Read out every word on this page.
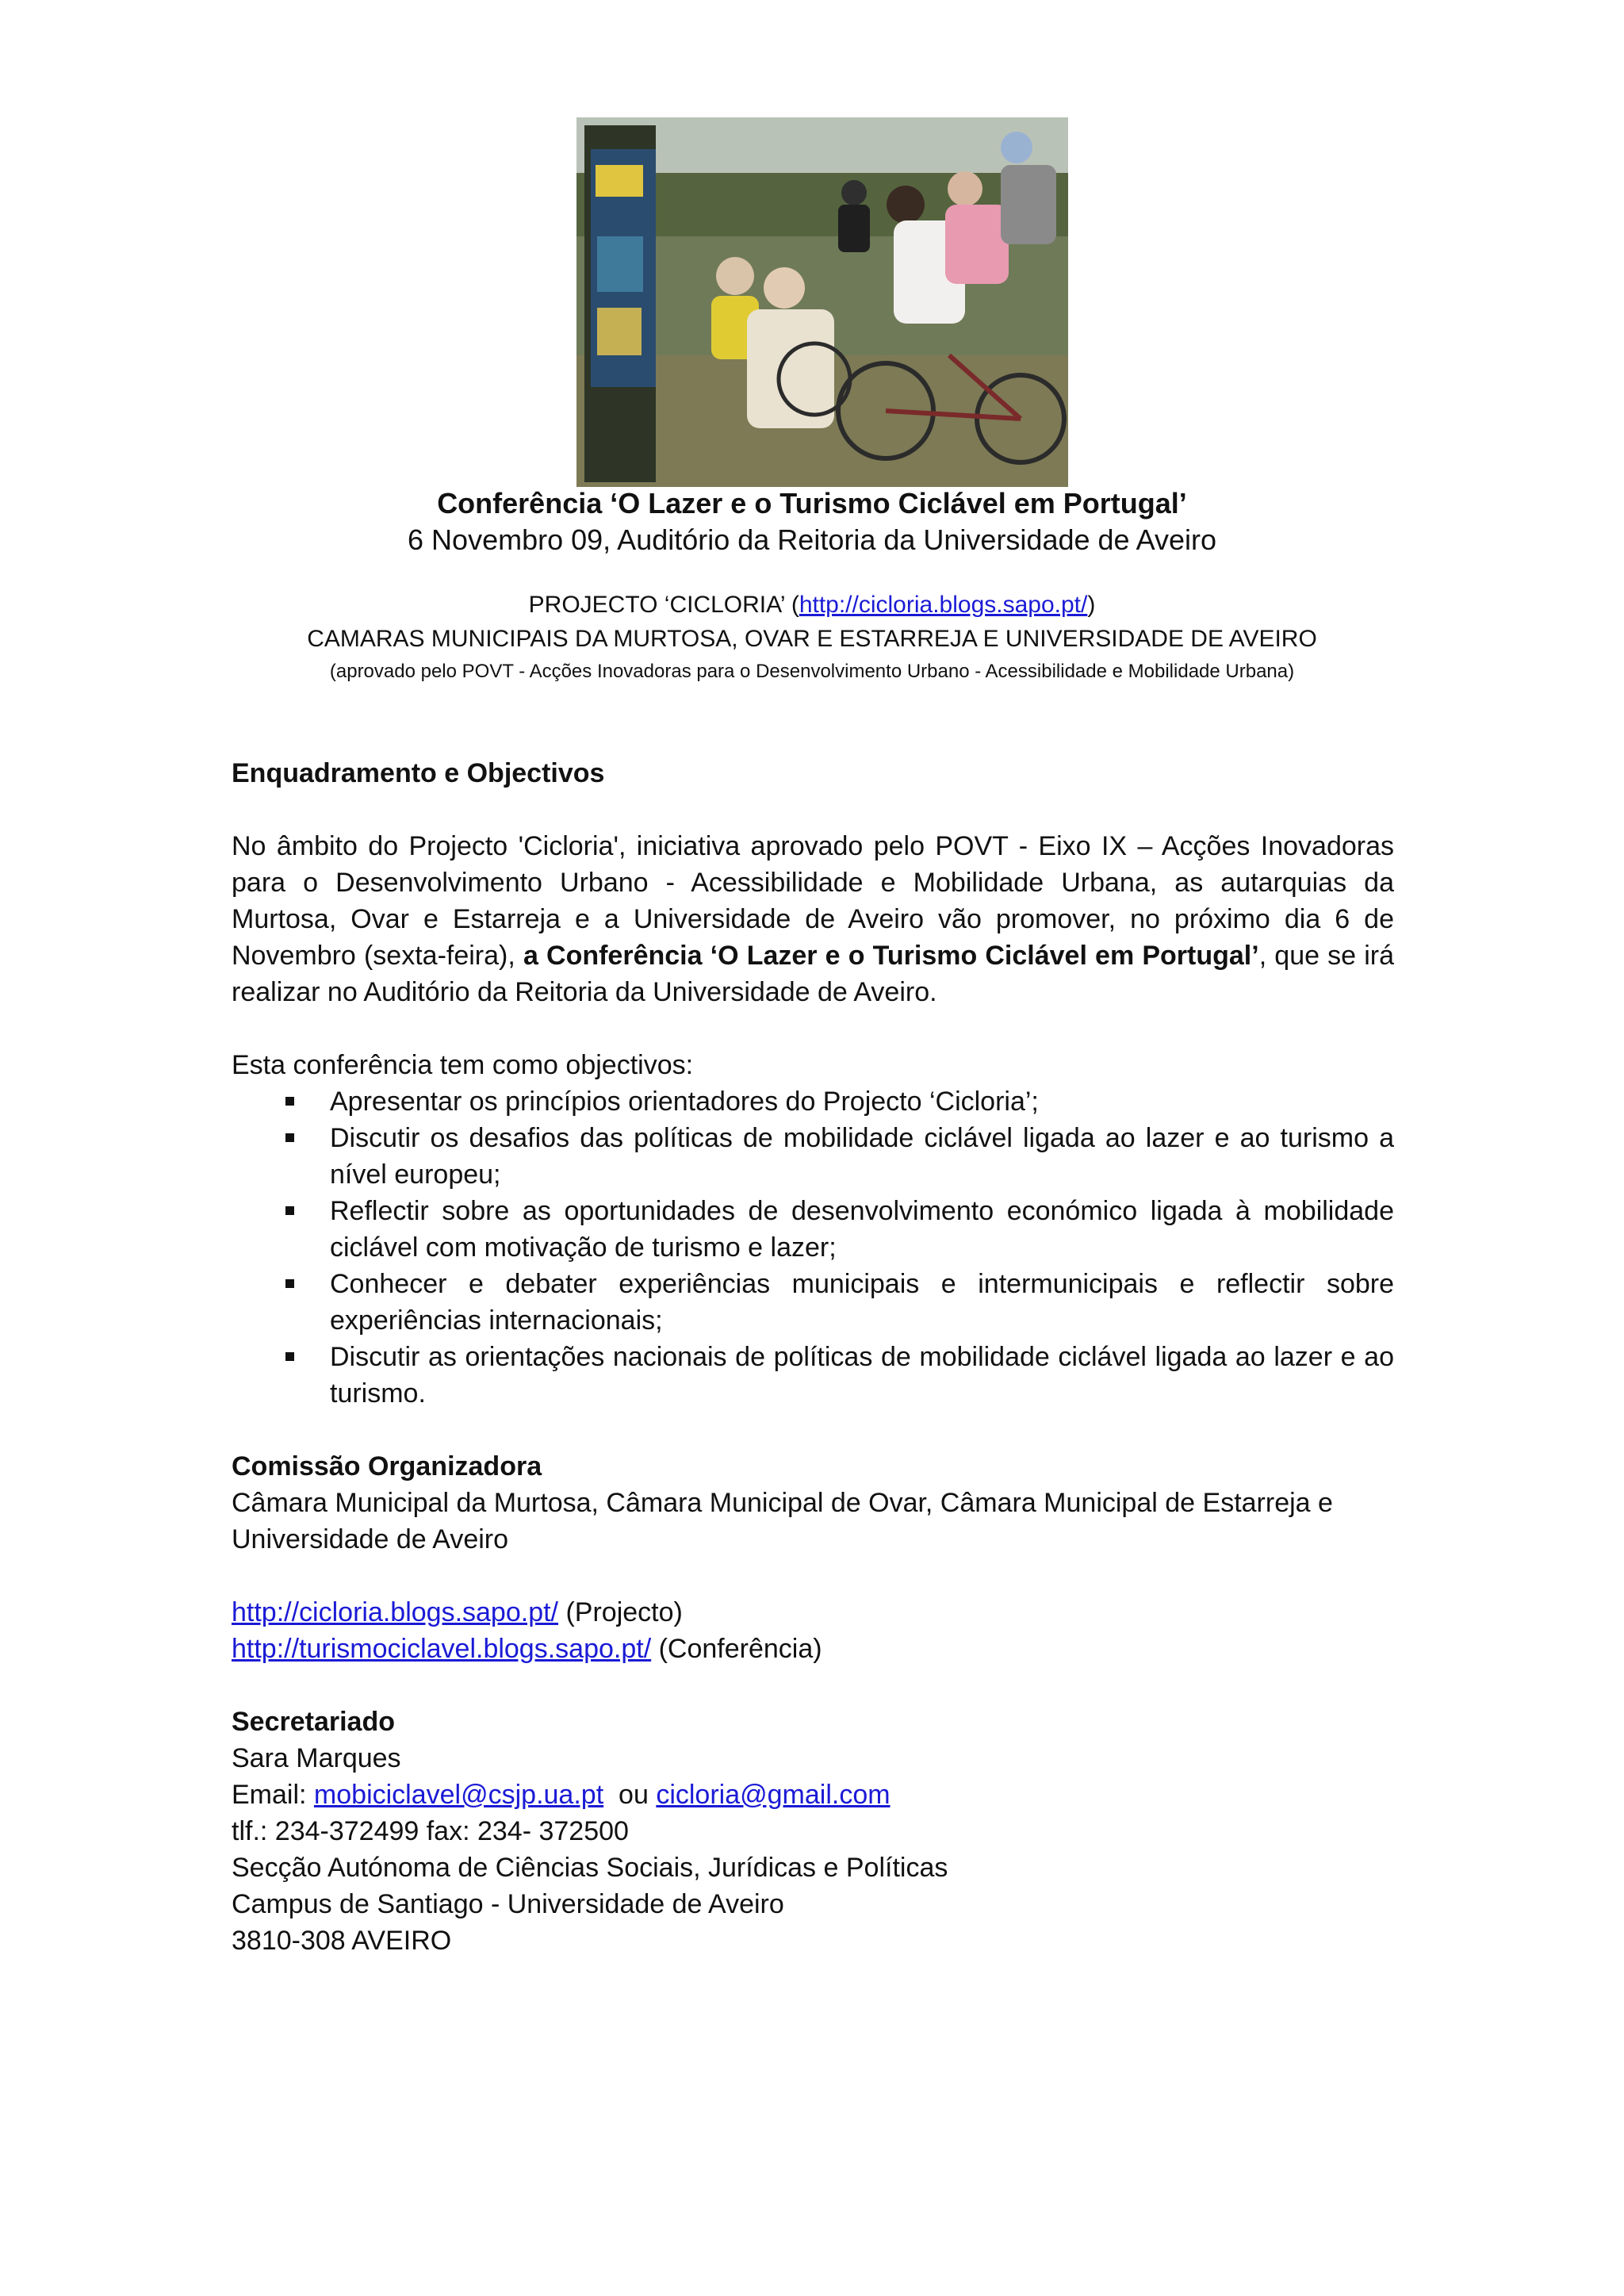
Conferência ‘O Lazer e o Turismo Ciclável em Portugal’
6 Novembro 09, Auditório da Reitoria da Universidade de Aveiro
PROJECTO ‘CICLORIA’ (http://cicloria.blogs.sapo.pt/)
CAMARAS MUNICIPAIS DA MURTOSA, OVAR E ESTARREJA E UNIVERSIDADE DE AVEIRO
(aprovado pelo POVT - Acções Inovadoras para o Desenvolvimento Urbano - Acessibilidade e Mobilidade Urbana)

Enquadramento e Objectivos

No âmbito do Projecto 'Cicloria', iniciativa aprovado pelo POVT - Eixo IX – Acções Inovadoras para o Desenvolvimento Urbano - Acessibilidade e Mobilidade Urbana, as autarquias da Murtosa, Ovar e Estarreja e a Universidade de Aveiro vão promover, no próximo dia 6 de Novembro (sexta-feira), a Conferência ‘O Lazer e o Turismo Ciclável em Portugal’, que se irá realizar no Auditório da Reitoria da Universidade de Aveiro.

Esta conferência tem como objectivos:

Apresentar os princípios orientadores do Projecto ‘Cicloria’;
Discutir os desafios das políticas de mobilidade ciclável ligada ao lazer e ao turismo a nível europeu;
Reflectir sobre as oportunidades de desenvolvimento económico ligada à mobilidade ciclável com motivação de turismo e lazer;
Conhecer e debater experiências municipais e intermunicipais e reflectir sobre experiências internacionais;
Discutir as orientações nacionais de políticas de mobilidade ciclável ligada ao lazer e ao turismo.

Comissão Organizadora

Câmara Municipal da Murtosa, Câmara Municipal de Ovar, Câmara Municipal de Estarreja e Universidade de Aveiro

http://cicloria.blogs.sapo.pt/ (Projecto)

http://turismociclavel.blogs.sapo.pt/ (Conferência)

Secretariado

Sara Marques

Email: mobiciclavel@csjp.ua.pt  ou cicloria@gmail.com

tlf.: 234-372499 fax: 234- 372500

Secção Autónoma de Ciências Sociais, Jurídicas e Políticas

Campus de Santiago - Universidade de Aveiro

3810-308 AVEIRO
